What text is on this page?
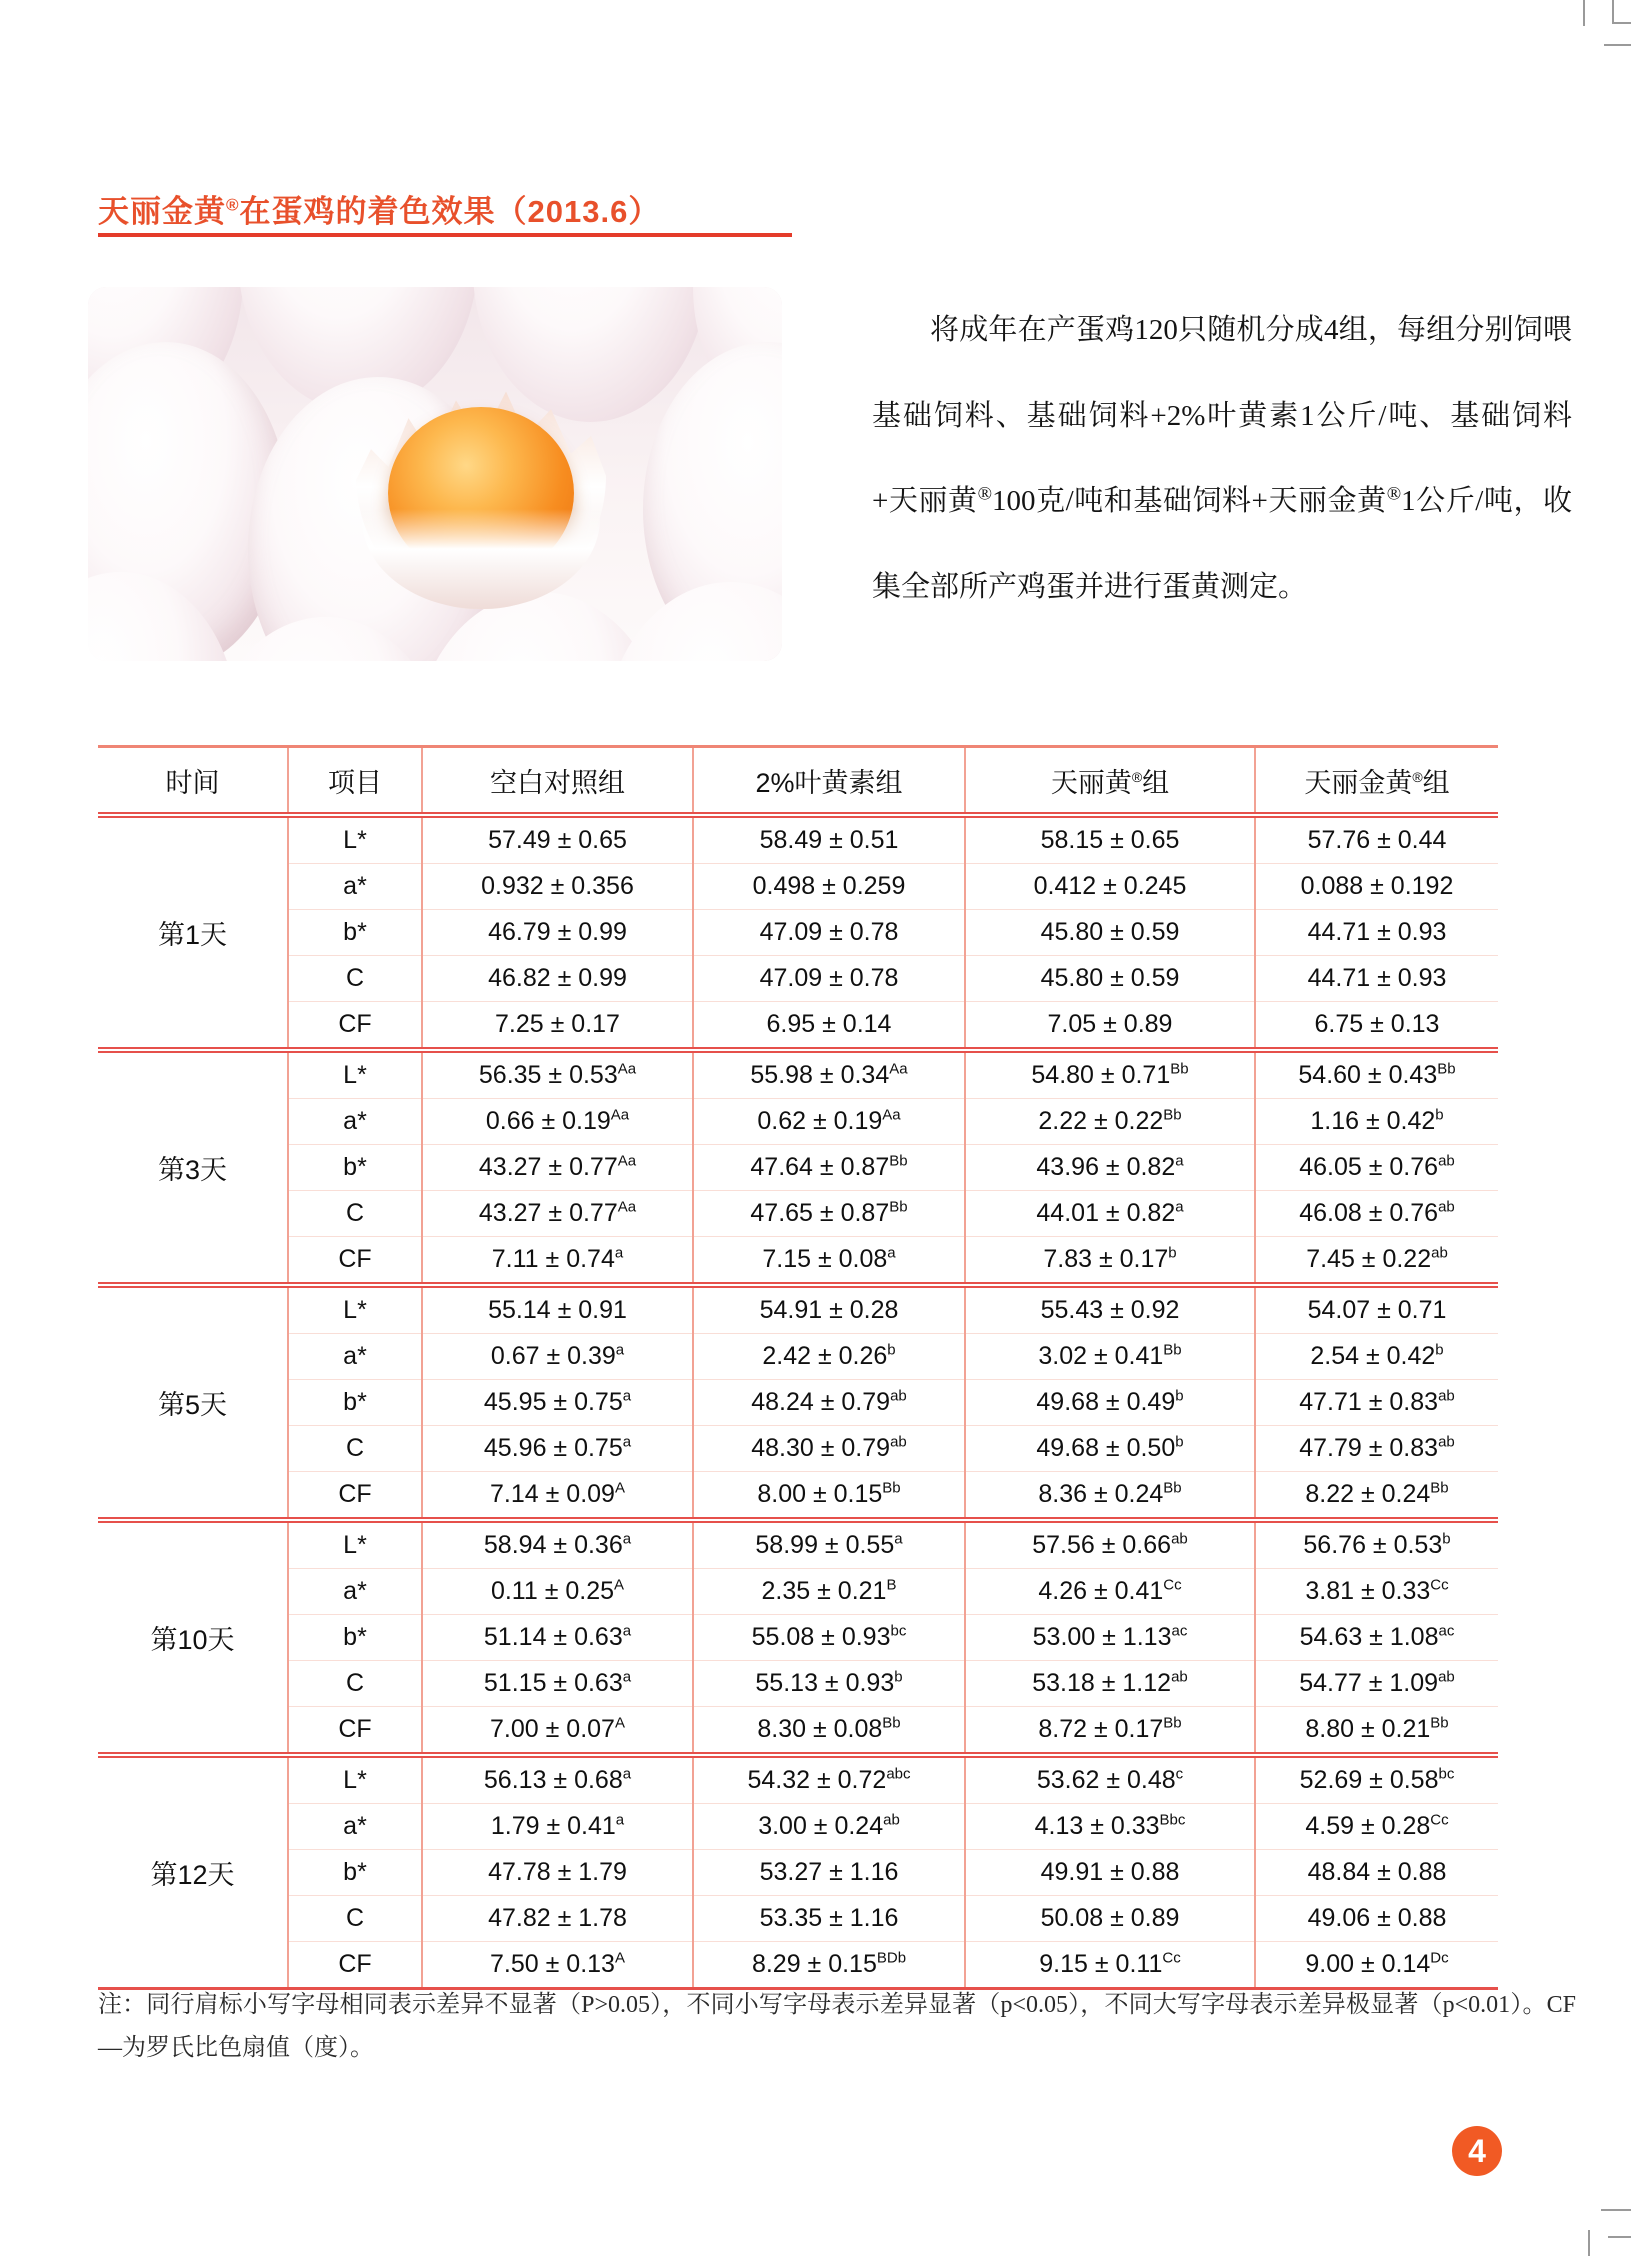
天丽金黄®在蛋鸡的着色效果（2013.6）

将成年在产蛋鸡120只随机分成4组，每组分别饲喂基础饲料、基础饲料+2%叶黄素1公斤/吨、基础饲料+天丽黄®100克/吨和基础饲料+天丽金黄®1公斤/吨，收集全部所产鸡蛋并进行蛋黄测定。

时间	项目	空白对照组	2%叶黄素组	天丽黄®组	天丽金黄®组
第1天	L*	57.49 ± 0.65	58.49 ± 0.51	58.15 ± 0.65	57.76 ± 0.44
	a*	0.932 ± 0.356	0.498 ± 0.259	0.412 ± 0.245	0.088 ± 0.192
	b*	46.79 ± 0.99	47.09 ± 0.78	45.80 ± 0.59	44.71 ± 0.93
	C	46.82 ± 0.99	47.09 ± 0.78	45.80 ± 0.59	44.71 ± 0.93
	CF	7.25 ± 0.17	6.95 ± 0.14	7.05 ± 0.89	6.75 ± 0.13
第3天	L*	$56.35 \pm 0.53^{Aa}$	$55.98 \pm 0.34^{Aa}$	$54.80 \pm 0.71^{Bb}$	$54.60 \pm 0.43^{Bb}$
	a*	$0.66 \pm 0.19^{Aa}$	$0.62 \pm 0.19^{Aa}$	$2.22 \pm 0.22^{Bb}$	1.16 ± 0.42$^b$
	b*	$43.27 \pm 0.77^{Aa}$	$47.64 \pm 0.87^{Bb}$	43.96 ± 0.82$^a$	46.05 ± 0.76$^{ab}$
	C	$43.27 \pm 0.77^{Aa}$	$47.65 \pm 0.87^{Bb}$	44.01 ± 0.82$^a$	46.08 ± 0.76$^{ab}$
	CF	7.11 ± 0.74$^a$	7.15 ± 0.08$^a$	7.83 ± 0.17$^b$	7.45 ± 0.22$^{ab}$
第5天	L*	55.14 ± 0.91	54.91 ± 0.28	55.43 ± 0.92	54.07 ± 0.71
	a*	0.67 ± 0.39$^a$	2.42 ± 0.26$^b$	$3.02 \pm 0.41^{Bb}$	2.54 ± 0.42$^b$
	b*	45.95 ± 0.75$^a$	48.24 ± 0.79$^{ab}$	49.68 ± 0.49$^b$	47.71 ± 0.83$^{ab}$
	C	45.96 ± 0.75$^a$	48.30 ± 0.79$^{ab}$	49.68 ± 0.50$^b$	47.79 ± 0.83$^{ab}$
	CF	$7.14 \pm 0.09^A$	$8.00 \pm 0.15^{Bb}$	$8.36 \pm 0.24^{Bb}$	$8.22 \pm 0.24^{Bb}$
第10天	L*	58.94 ± 0.36$^a$	58.99 ± 0.55$^a$	57.56 ± 0.66$^{ab}$	56.76 ± 0.53$^b$
	a*	$0.11 \pm 0.25^A$	$2.35 \pm 0.21^B$	$4.26 \pm 0.41^{Cc}$	$3.81 \pm 0.33^{Cc}$
	b*	51.14 ± 0.63$^a$	55.08 ± 0.93$^{bc}$	53.00 ± 1.13$^{ac}$	54.63 ± 1.08$^{ac}$
	C	51.15 ± 0.63$^a$	55.13 ± 0.93$^b$	53.18 ± 1.12$^{ab}$	54.77 ± 1.09$^{ab}$
	CF	$7.00 \pm 0.07^A$	$8.30 \pm 0.08^{Bb}$	$8.72 \pm 0.17^{Bb}$	$8.80 \pm 0.21^{Bb}$
第12天	L*	56.13 ± 0.68$^a$	54.32 ± 0.72$^{abc}$	53.62 ± 0.48$^c$	52.69 ± 0.58$^{bc}$
	a*	1.79 ± 0.41$^a$	3.00 ± 0.24$^{ab}$	$4.13 \pm 0.33^{Bbc}$	$4.59 \pm 0.28^{Cc}$
	b*	47.78 ± 1.79	53.27 ± 1.16	49.91 ± 0.88	48.84 ± 0.88
	C	47.82 ± 1.78	53.35 ± 1.16	50.08 ± 0.89	49.06 ± 0.88
	CF	$7.50 \pm 0.13^A$	$8.29 \pm 0.15^{BDb}$	$9.15 \pm 0.11^{Cc}$	$9.00 \pm 0.14^{Dc}$

注：同行肩标小写字母相同表示差异不显著（P>0.05），不同小写字母表示差异显著（p<0.05），不同大写字母表示差异极显著（p<0.01）。CF—为罗氏比色扇值（度）。

4
